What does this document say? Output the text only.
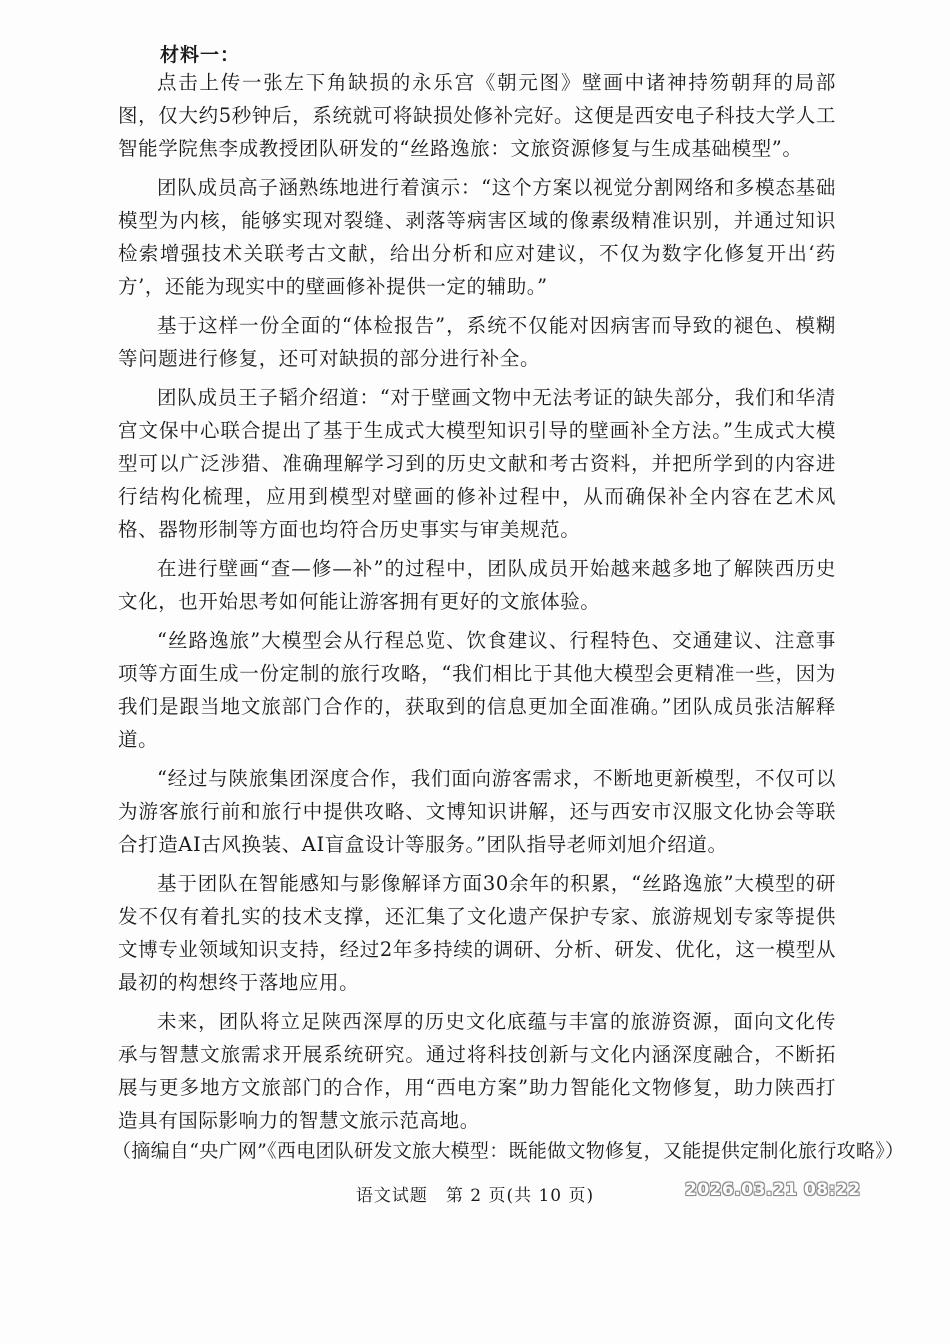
材料一：

点击上传一张左下角缺损的永乐宫《朝元图》壁画中诸神持笏朝拜的局部图，仅大约5秒钟后，系统就可将缺损处修补完好。这便是西安电子科技大学人工智能学院焦李成教授团队研发的“丝路逸旅：文旅资源修复与生成基础模型”。

团队成员高子涵熟练地进行着演示：“这个方案以视觉分割网络和多模态基础模型为内核，能够实现对裂缝、剥落等病害区域的像素级精准识别，并通过知识检索增强技术关联考古文献，给出分析和应对建议，不仅为数字化修复开出‘药方’，还能为现实中的壁画修补提供一定的辅助。”

基于这样一份全面的“体检报告”，系统不仅能对因病害而导致的褪色、模糊等问题进行修复，还可对缺损的部分进行补全。

团队成员王子韬介绍道：“对于壁画文物中无法考证的缺失部分，我们和华清宫文保中心联合提出了基于生成式大模型知识引导的壁画补全方法。”生成式大模型可以广泛涉猎、准确理解学习到的历史文献和考古资料，并把所学到的内容进行结构化梳理，应用到模型对壁画的修补过程中，从而确保补全内容在艺术风格、器物形制等方面也均符合历史事实与审美规范。

在进行壁画“查—修—补”的过程中，团队成员开始越来越多地了解陕西历史文化，也开始思考如何能让游客拥有更好的文旅体验。

“丝路逸旅”大模型会从行程总览、饮食建议、行程特色、交通建议、注意事项等方面生成一份定制的旅行攻略，“我们相比于其他大模型会更精准一些，因为我们是跟当地文旅部门合作的，获取到的信息更加全面准确。”团队成员张洁解释道。

“经过与陕旅集团深度合作，我们面向游客需求，不断地更新模型，不仅可以为游客旅行前和旅行中提供攻略、文博知识讲解，还与西安市汉服文化协会等联合打造AI古风换装、AI盲盒设计等服务。”团队指导老师刘旭介绍道。

基于团队在智能感知与影像解译方面30余年的积累，“丝路逸旅”大模型的研发不仅有着扎实的技术支撑，还汇集了文化遗产保护专家、旅游规划专家等提供文博专业领域知识支持，经过2年多持续的调研、分析、研发、优化，这一模型从最初的构想终于落地应用。

未来，团队将立足陕西深厚的历史文化底蕴与丰富的旅游资源，面向文化传承与智慧文旅需求开展系统研究。通过将科技创新与文化内涵深度融合，不断拓展与更多地方文旅部门的合作，用“西电方案”助力智能化文物修复，助力陕西打造具有国际影响力的智慧文旅示范高地。

（摘编自“央广网”《西电团队研发文旅大模型：既能做文物修复，又能提供定制化旅行攻略》）
语文试题　第 2 页(共 10 页)	2026.03.21 08:22
